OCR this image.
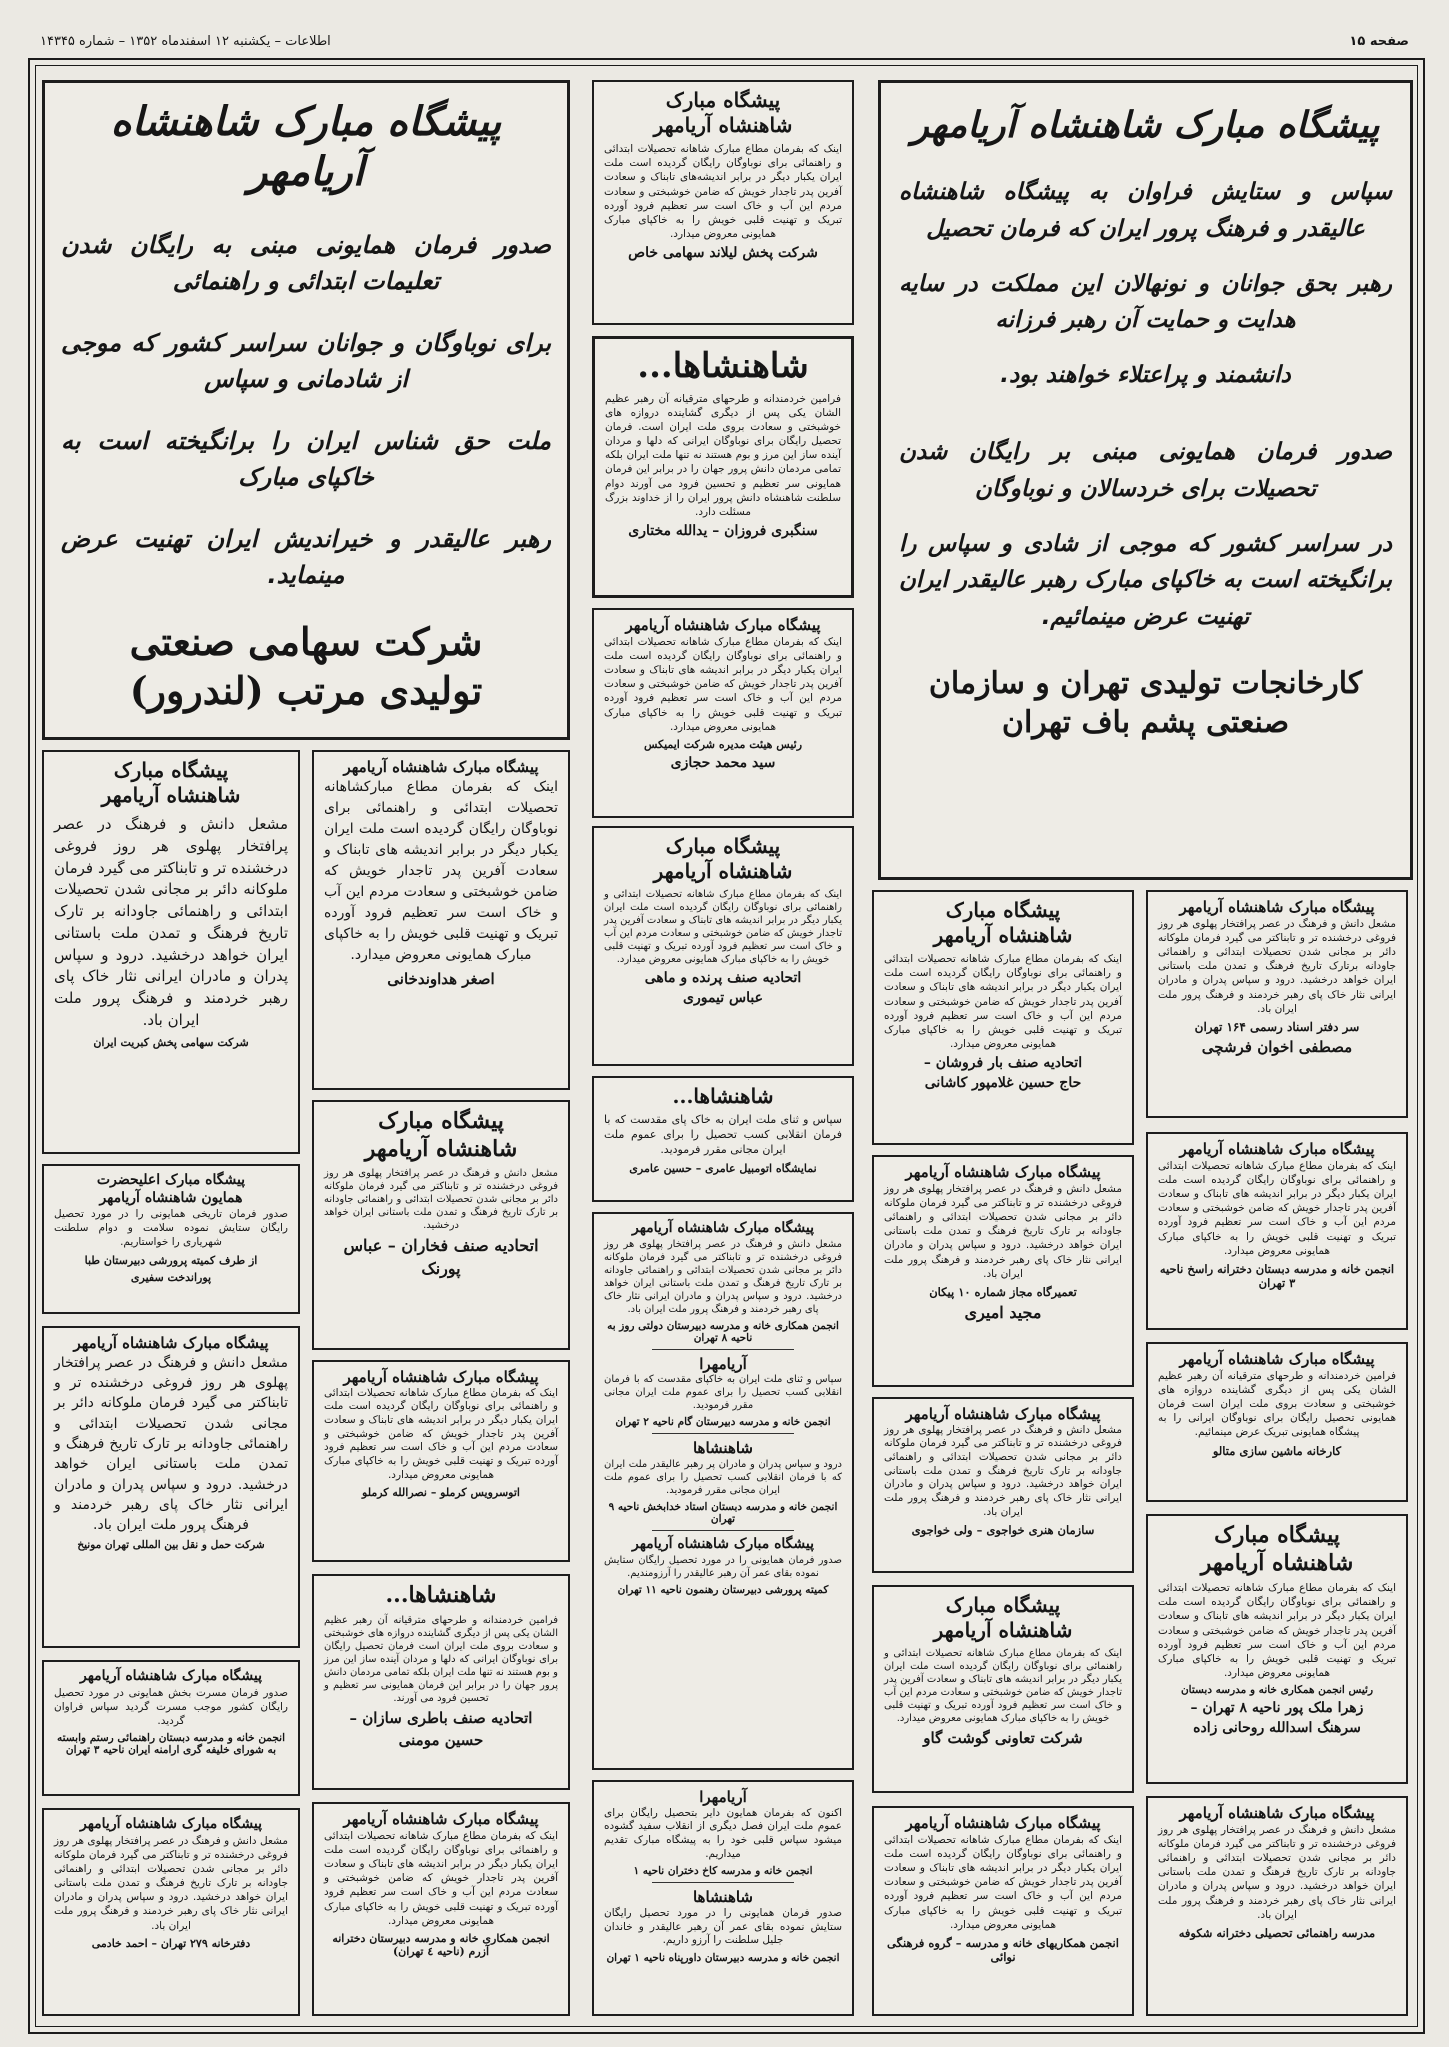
صفحه ۱۵
اطلاعات – یکشنبه ۱۲ اسفندماه ۱۳۵۲ – شماره ۱۴۳۴۵
پیشگاه مبارک شاهنشاه آریامهر
سپاس و ستایش فراوان به پیشگاه شاهنشاه عالیقدر و فرهنگ پرور ایران که فرمان تحصیل
رهبر بحق جوانان و نونهالان این مملکت در سایه هدایت و حمایت آن رهبر فرزانه
دانشمند و پراعتلاء خواهند بود.
صدور فرمان همایونی مبنی بر رایگان شدن تحصیلات برای خردسالان و نوباوگان
در سراسر کشور که موجی از شادی و سپاس را برانگیخته است به خاکپای مبارک رهبر عالیقدر ایران تهنیت عرض مینمائیم.
کارخانجات تولیدی تهران و سازمان
صنعتی پشم باف تهران
پیشگاه مبارک شاهنشاه آریامهر
مشعل دانش و فرهنگ در عصر پرافتخار پهلوی هر روز فروغی درخشنده تر و تابناکتر می گیرد فرمان ملوکانه دائر بر مجانی شدن تحصیلات ابتدائی و راهنمائی جاودانه برتارک تاریخ فرهنگ و تمدن ملت باستانی ایران خواهد درخشید. درود و سپاس پدران و مادران ایرانی نثار خاک پای رهبر خردمند و فرهنگ پرور ملت ایران باد.
سر دفتر اسناد رسمی ۱۶۴ تهران
مصطفی اخوان فرشچی
پیشگاه مبارک شاهنشاه آریامهر
اینک که بفرمان مطاع مبارک شاهانه تحصیلات ابتدائی و راهنمائی برای نوباوگان رایگان گردیده است ملت ایران یکبار دیگر در برابر اندیشه های تابناک و سعادت آفرین پدر تاجدار خویش که ضامن خوشبختی و سعادت مردم این آب و خاک است سر تعظیم فرود آورده تبریک و تهنیت قلبی خویش را به خاکپای مبارک همایونی معروض میدارد.
انجمن خانه و مدرسه دبستان دخترانه راسخ ناحیه ۳ تهران
پیشگاه مبارک شاهنشاه آریامهر
فرامین خردمندانه و طرحهای مترقیانه آن رهبر عظیم الشان یکی پس از دیگری گشاینده دروازه های خوشبختی و سعادت بروی ملت ایران است فرمان همایونی تحصیل رایگان برای نوباوگان ایرانی را به پیشگاه همایونی تبریک عرض مینمائیم.
کارخانه ماشین سازی متالو
پیشگاه مبارک
شاهنشاه آریامهر
اینک که بفرمان مطاع مبارک شاهانه تحصیلات ابتدائی و راهنمائی برای نوباوگان رایگان گردیده است ملت ایران یکبار دیگر در برابر اندیشه های تابناک و سعادت آفرین پدر تاجدار خویش که ضامن خوشبختی و سعادت مردم این آب و خاک است سر تعظیم فرود آورده تبریک و تهنیت قلبی خویش را به خاکپای مبارک همایونی معروض میدارد.
رئیس انجمن همکاری خانه و مدرسه دبستان
زهرا ملک پور ناحیه ۸ تهران –
سرهنگ اسدالله روحانی زاده
پیشگاه مبارک شاهنشاه آریامهر
مشعل دانش و فرهنگ در عصر پرافتخار پهلوی هر روز فروغی درخشنده تر و تابناکتر می گیرد فرمان ملوکانه دائر بر مجانی شدن تحصیلات ابتدائی و راهنمائی جاودانه بر تارک تاریخ فرهنگ و تمدن ملت باستانی ایران خواهد درخشید. درود و سپاس پدران و مادران ایرانی نثار خاک پای رهبر خردمند و فرهنگ پرور ملت ایران باد.
مدرسه راهنمائی تحصیلی دخترانه شکوفه
پیشگاه مبارک
شاهنشاه آریامهر
اینک که بفرمان مطاع مبارک شاهانه تحصیلات ابتدائی و راهنمائی برای نوباوگان رایگان گردیده است ملت ایران یکبار دیگر در برابر اندیشه های تابناک و سعادت آفرین پدر تاجدار خویش که ضامن خوشبختی و سعادت مردم این آب و خاک است سر تعظیم فرود آورده تبریک و تهنیت قلبی خویش را به خاکپای مبارک همایونی معروض میدارد.
اتحادیه صنف بار فروشان –
حاج حسین غلامپور کاشانی
پیشگاه مبارک شاهنشاه آریامهر
مشعل دانش و فرهنگ در عصر پرافتخار پهلوی هر روز فروغی درخشنده تر و تابناکتر می گیرد فرمان ملوکانه دائر بر مجانی شدن تحصیلات ابتدائی و راهنمائی جاودانه بر تارک تاریخ فرهنگ و تمدن ملت باستانی ایران خواهد درخشید. درود و سپاس پدران و مادران ایرانی نثار خاک پای رهبر خردمند و فرهنگ پرور ملت ایران باد.
تعمیرگاه مجاز شماره ۱۰ پیکان
مجید امیری
پیشگاه مبارک شاهنشاه آریامهر
مشعل دانش و فرهنگ در عصر پرافتخار پهلوی هر روز فروغی درخشنده تر و تابناکتر می گیرد فرمان ملوکانه دائر بر مجانی شدن تحصیلات ابتدائی و راهنمائی جاودانه بر تارک تاریخ فرهنگ و تمدن ملت باستانی ایران خواهد درخشید. درود و سپاس پدران و مادران ایرانی نثار خاک پای رهبر خردمند و فرهنگ پرور ملت ایران باد.
سازمان هنری خواجوی – ولی خواجوی
پیشگاه مبارک
شاهنشاه آریامهر
اینک که بفرمان مطاع مبارک شاهانه تحصیلات ابتدائی و راهنمائی برای نوباوگان رایگان گردیده است ملت ایران یکبار دیگر در برابر اندیشه های تابناک و سعادت آفرین پدر تاجدار خویش که ضامن خوشبختی و سعادت مردم این آب و خاک است سر تعظیم فرود آورده تبریک و تهنیت قلبی خویش را به خاکپای مبارک همایونی معروض میدارد.
شرکت تعاونی گوشت گاو
پیشگاه مبارک شاهنشاه آریامهر
اینک که بفرمان مطاع مبارک شاهانه تحصیلات ابتدائی و راهنمائی برای نوباوگان رایگان گردیده است ملت ایران یکبار دیگر در برابر اندیشه های تابناک و سعادت آفرین پدر تاجدار خویش که ضامن خوشبختی و سعادت مردم این آب و خاک است سر تعظیم فرود آورده تبریک و تهنیت قلبی خویش را به خاکپای مبارک همایونی معروض میدارد.
انجمن همکاریهای خانه و مدرسه – گروه فرهنگی نوائی
پیشگاه مبارک
شاهنشاه آریامهر
اینک که بفرمان مطاع مبارک شاهانه تحصیلات ابتدائی و راهنمائی برای نوباوگان رایگان گردیده است ملت ایران یکبار دیگر در برابر اندیشه‌های تابناک و سعادت آفرین پدر تاجدار خویش که ضامن خوشبختی و سعادت مردم این آب و خاک است سر تعظیم فرود آورده تبریک و تهنیت قلبی خویش را به خاکپای مبارک همایونی معروض میدارد.
شرکت پخش لیلاند سهامی خاص
شاهنشاها...
فرامین خردمندانه و طرحهای مترقیانه آن رهبر عظیم الشان یکی پس از دیگری گشاینده دروازه های خوشبختی و سعادت بروی ملت ایران است. فرمان تحصیل رایگان برای نوباوگان ایرانی که دلها و مردان آینده ساز این مرز و بوم هستند نه تنها ملت ایران بلکه تمامی مردمان دانش پرور جهان را در برابر این فرمان همایونی سر تعظیم و تحسین فرود می آورند دوام سلطنت شاهنشاه دانش پرور ایران را از خداوند بزرگ مسئلت دارد.
سنگبری فروزان – یدالله مختاری
پیشگاه مبارک شاهنشاه آریامهر
اینک که بفرمان مطاع مبارک شاهانه تحصیلات ابتدائی و راهنمائی برای نوباوگان رایگان گردیده است ملت ایران یکبار دیگر در برابر اندیشه های تابناک و سعادت آفرین پدر تاجدار خویش که ضامن خوشبختی و سعادت مردم این آب و خاک است سر تعظیم فرود آورده تبریک و تهنیت قلبی خویش را به خاکپای مبارک همایونی معروض میدارد.
رئیس هیئت مدیره شرکت ایمیکس
سید محمد حجازی
پیشگاه مبارک
شاهنشاه آریامهر
اینک که بفرمان مطاع مبارک شاهانه تحصیلات ابتدائی و راهنمائی برای نوباوگان رایگان گردیده است ملت ایران یکبار دیگر در برابر اندیشه های تابناک و سعادت آفرین پدر تاجدار خویش که ضامن خوشبختی و سعادت مردم این آب و خاک است سر تعظیم فرود آورده تبریک و تهنیت قلبی خویش را به خاکپای مبارک همایونی معروض میدارد.
اتحادیه صنف پرنده و ماهی
عباس تیموری
شاهنشاها...
سپاس و ثنای ملت ایران به خاک پای مقدست که با فرمان انقلابی کسب تحصیل را برای عموم ملت ایران مجانی مقرر فرمودید.
نمایشگاه اتومبیل عامری – حسین عامری
پیشگاه مبارک شاهنشاه آریامهر
مشعل دانش و فرهنگ در عصر پرافتخار پهلوی هر روز فروغی درخشنده تر و تابناکتر می گیرد فرمان ملوکانه دائر بر مجانی شدن تحصیلات ابتدائی و راهنمائی جاودانه بر تارک تاریخ فرهنگ و تمدن ملت باستانی ایران خواهد درخشید. درود و سپاس پدران و مادران ایرانی نثار خاک پای رهبر خردمند و فرهنگ پرور ملت ایران باد.
انجمن همکاری خانه و مدرسه دبیرستان دولتی روز به ناحیه ۸ تهران
آریامهرا
سپاس و ثنای ملت ایران به خاکپای مقدست که با فرمان انقلابی کسب تحصیل را برای عموم ملت ایران مجانی مقرر فرمودید.
انجمن خانه و مدرسه دبیرستان گام ناحیه ۲ تهران
شاهنشاها
درود و سپاس پدران و مادران پر رهبر عالیقدر ملت ایران که با فرمان انقلابی کسب تحصیل را برای عموم ملت ایران مجانی مقرر فرمودید.
انجمن خانه و مدرسه دبستان استاد خدابخش ناحیه ۹ تهران
پیشگاه مبارک شاهنشاه آریامهر
صدور فرمان همایونی را در مورد تحصیل رایگان ستایش نموده بقای عمر آن رهبر عالیقدر را آرزومندیم.
کمیته پرورشی دبیرستان رهنمون ناحیه ۱۱ تهران
آریامهرا
اکنون که بفرمان همایون دایر بتحصیل رایگان برای عموم ملت ایران فصل دیگری از انقلاب سفید گشوده میشود سپاس قلبی خود را به پیشگاه مبارک تقدیم میداریم.
انجمن خانه و مدرسه کاخ دختران ناحیه ۱
شاهنشاها
صدور فرمان همایونی را در مورد تحصیل رایگان ستایش نموده بقای عمر آن رهبر عالیقدر و خاندان جلیل سلطنت را آرزو داریم.
انجمن خانه و مدرسه دبیرستان داورپناه ناحیه ۱ تهران
پیشگاه مبارک شاهنشاه آریامهر
صدور فرمان همایونی مبنی به رایگان شدن تعلیمات ابتدائی و راهنمائی
برای نوباوگان و جوانان سراسر کشور که موجی از شادمانی و سپاس
ملت حق شناس ایران را برانگیخته است به خاکپای مبارک
رهبر عالیقدر و خیراندیش ایران تهنیت عرض مینماید.
شرکت سهامی صنعتی
تولیدی مرتب (لندرور)
پیشگاه مبارک شاهنشاه آریامهر
اینک که بفرمان مطاع مبارکشاهانه تحصیلات ابتدائی و راهنمائی برای نوباوگان رایگان گردیده است ملت ایران یکبار دیگر در برابر اندیشه های تابناک و سعادت آفرین پدر تاجدار خویش که ضامن خوشبختی و سعادت مردم این آب و خاک است سر تعظیم فرود آورده تبریک و تهنیت قلبی خویش را به خاکپای مبارک همایونی معروض میدارد.
اصغر هداوندخانی
پیشگاه مبارک
شاهنشاه آریامهر
مشعل دانش و فرهنگ در عصر پرافتخار پهلوی هر روز فروغی درخشنده تر و تابناکتر می گیرد فرمان ملوکانه دائر بر مجانی شدن تحصیلات ابتدائی و راهنمائی جاودانه بر تارک تاریخ فرهنگ و تمدن ملت باستانی ایران خواهد درخشید.
اتحادیه صنف فخاران – عباس
پورنک
پیشگاه مبارک شاهنشاه آریامهر
اینک که بفرمان مطاع مبارک شاهانه تحصیلات ابتدائی و راهنمائی برای نوباوگان رایگان گردیده است ملت ایران یکبار دیگر در برابر اندیشه های تابناک و سعادت آفرین پدر تاجدار خویش که ضامن خوشبختی و سعادت مردم این آب و خاک است سر تعظیم فرود آورده تبریک و تهنیت قلبی خویش را به خاکپای مبارک همایونی معروض میدارد.
اتوسرویس کرملو – نصرالله کرملو
شاهنشاها...
فرامین خردمندانه و طرحهای مترقیانه آن رهبر عظیم الشان یکی پس از دیگری گشاینده دروازه های خوشبختی و سعادت بروی ملت ایران است فرمان تحصیل رایگان برای نوباوگان ایرانی که دلها و مردان آینده ساز این مرز و بوم هستند نه تنها ملت ایران بلکه تمامی مردمان دانش پرور جهان را در برابر این فرمان همایونی سر تعظیم و تحسین فرود می آورند.
اتحادیه صنف باطری سازان –
حسین مومنی
پیشگاه مبارک شاهنشاه آریامهر
اینک که بفرمان مطاع مبارک شاهانه تحصیلات ابتدائی و راهنمائی برای نوباوگان رایگان گردیده است ملت ایران یکبار دیگر در برابر اندیشه های تابناک و سعادت آفرین پدر تاجدار خویش که ضامن خوشبختی و سعادت مردم این آب و خاک است سر تعظیم فرود آورده تبریک و تهنیت قلبی خویش را به خاکپای مبارک همایونی معروض میدارد.
انجمن همکاری خانه و مدرسه دبیرستان دخترانه آزرم (ناحیه ٤ تهران)
پیشگاه مبارک
شاهنشاه آریامهر
مشعل دانش و فرهنگ در عصر پرافتخار پهلوی هر روز فروغی درخشنده تر و تابناکتر می گیرد فرمان ملوکانه دائر بر مجانی شدن تحصیلات ابتدائی و راهنمائی جاودانه بر تارک تاریخ فرهنگ و تمدن ملت باستانی ایران خواهد درخشید. درود و سپاس پدران و مادران ایرانی نثار خاک پای رهبر خردمند و فرهنگ پرور ملت ایران باد.
شرکت سهامی پخش کبریت ایران
پیشگاه مبارک اعلیحضرت
همایون شاهنشاه آریامهر
صدور فرمان تاریخی همایونی را در مورد تحصیل رایگان ستایش نموده سلامت و دوام سلطنت شهریاری را خواستاریم.
از طرف کمیته پرورشی دبیرستان طبا
پوراندخت سفیری
پیشگاه مبارک شاهنشاه آریامهر
مشعل دانش و فرهنگ در عصر پرافتخار پهلوی هر روز فروغی درخشنده تر و تابناکتر می گیرد فرمان ملوکانه دائر بر مجانی شدن تحصیلات ابتدائی و راهنمائی جاودانه بر تارک تاریخ فرهنگ و تمدن ملت باستانی ایران خواهد درخشید. درود و سپاس پدران و مادران ایرانی نثار خاک پای رهبر خردمند و فرهنگ پرور ملت ایران باد.
شرکت حمل و نقل بین المللی تهران مونیخ
پیشگاه مبارک شاهنشاه آریامهر
صدور فرمان مسرت بخش همایونی در مورد تحصیل رایگان کشور موجب مسرت گردید سپاس فراوان گردید.
انجمن خانه و مدرسه دبستان راهنمائی رستم وابسته به شورای خلیفه گری ارامنه ایران ناحیه ۳ تهران
پیشگاه مبارک شاهنشاه آریامهر
مشعل دانش و فرهنگ در عصر پرافتخار پهلوی هر روز فروغی درخشنده تر و تابناکتر می گیرد فرمان ملوکانه دائر بر مجانی شدن تحصیلات ابتدائی و راهنمائی جاودانه بر تارک تاریخ فرهنگ و تمدن ملت باستانی ایران خواهد درخشید. درود و سپاس پدران و مادران ایرانی نثار خاک پای رهبر خردمند و فرهنگ پرور ملت ایران باد.
دفترخانه ۲۷۹ تهران – احمد خادمی
